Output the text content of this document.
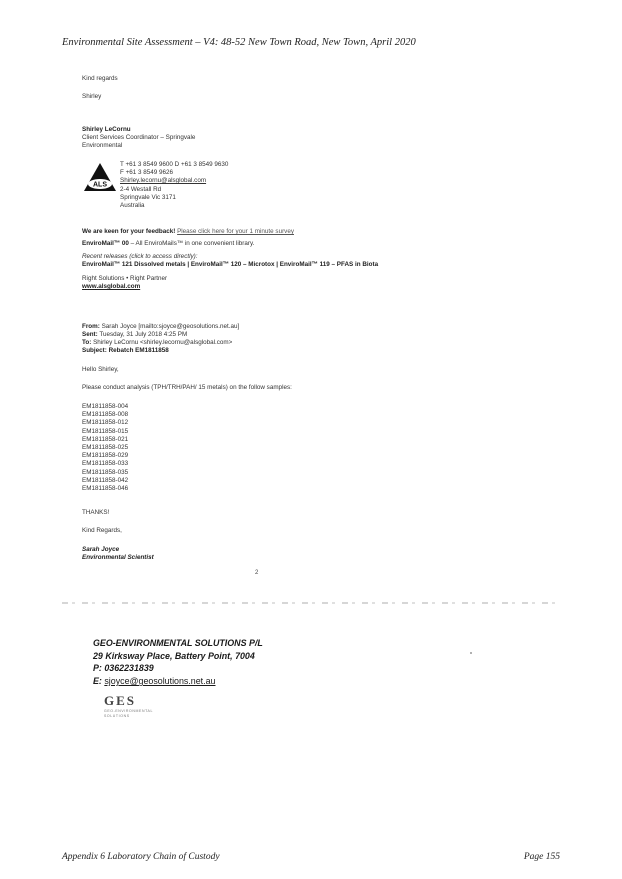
Environmental Site Assessment – V4: 48-52 New Town Road, New Town, April 2020
Kind regards
Shirley
Shirley LeCornu
Client Services Coordinator – Springvale
Environmental
ALS
T +61 3 8549 9600 D +61 3 8549 9630
F +61 3 8549 9626
Shirley.lecornu@alsglobal.com
2-4 Westall Rd
Springvale Vic 3171
Australia
We are keen for your feedback! Please click here for your 1 minute survey
EnviroMail™ 00 – All EnviroMails™ in one convenient library.
Recent releases (click to access directly):
EnviroMail™ 121 Dissolved metals | EnviroMail™ 120 – Microtox | EnviroMail™ 119 – PFAS in Biota
Right Solutions • Right Partner
www.alsglobal.com
From: Sarah Joyce [mailto:sjoyce@geosolutions.net.au]
Sent: Tuesday, 31 July 2018 4:25 PM
To: Shirley LeCornu <shirley.lecornu@alsglobal.com>
Subject: Rebatch EM1811858
Hello Shirley,
Please conduct analysis (TPH/TRH/PAH/ 15 metals) on the follow samples:
EM1811858-004
EM1811858-008
EM1811858-012
EM1811858-015
EM1811858-021
EM1811858-025
EM1811858-029
EM1811858-033
EM1811858-035
EM1811858-042
EM1811858-046
THANKS!
Kind Regards,
Sarah Joyce
Environmental Scientist
2
GEO-ENVIRONMENTAL SOLUTIONS P/L
29 Kirksway Place, Battery Point, 7004
P: 0362231839
E: sjoyce@geosolutions.net.au
GES
GEO-ENVIRONMENTAL SOLUTIONS
Appendix 6 Laboratory Chain of Custody	Page 155
